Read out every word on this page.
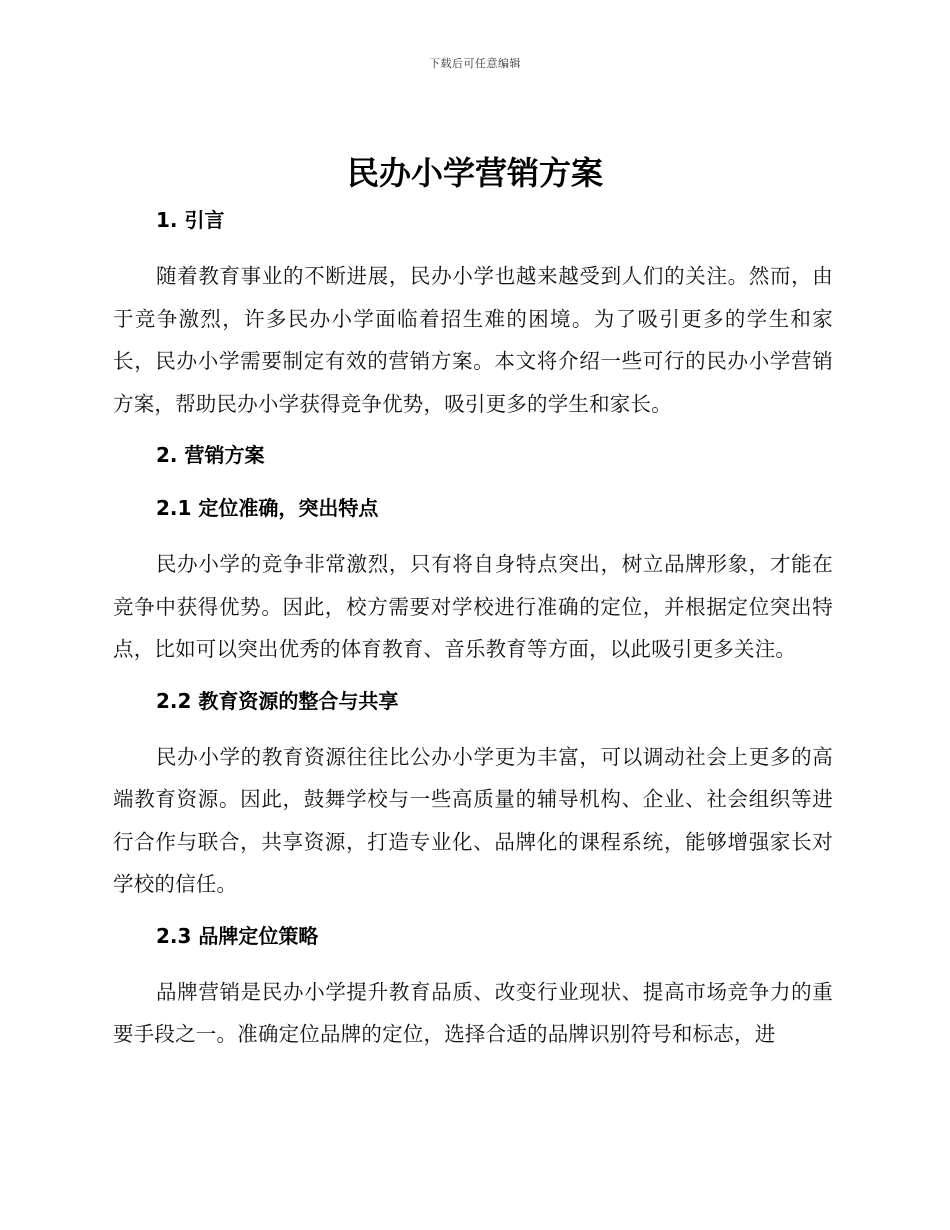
下载后可任意编辑
民办小学营销方案
1. 引言

随着教育事业的不断进展，民办小学也越来越受到人们的关注。然而，由于竞争激烈，许多民办小学面临着招生难的困境。为了吸引更多的学生和家长，民办小学需要制定有效的营销方案。本文将介绍一些可行的民办小学营销方案，帮助民办小学获得竞争优势，吸引更多的学生和家长。

2. 营销方案
2.1 定位准确，突出特点

民办小学的竞争非常激烈，只有将自身特点突出，树立品牌形象，才能在竞争中获得优势。因此，校方需要对学校进行准确的定位，并根据定位突出特点，比如可以突出优秀的体育教育、音乐教育等方面，以此吸引更多关注。

2.2 教育资源的整合与共享

民办小学的教育资源往往比公办小学更为丰富，可以调动社会上更多的高端教育资源。因此，鼓舞学校与一些高质量的辅导机构、企业、社会组织等进行合作与联合，共享资源，打造专业化、品牌化的课程系统，能够增强家长对学校的信任。

2.3 品牌定位策略

品牌营销是民办小学提升教育品质、改变行业现状、提高市场竞争力的重要手段之一。准确定位品牌的定位，选择合适的品牌识别符号和标志，进
